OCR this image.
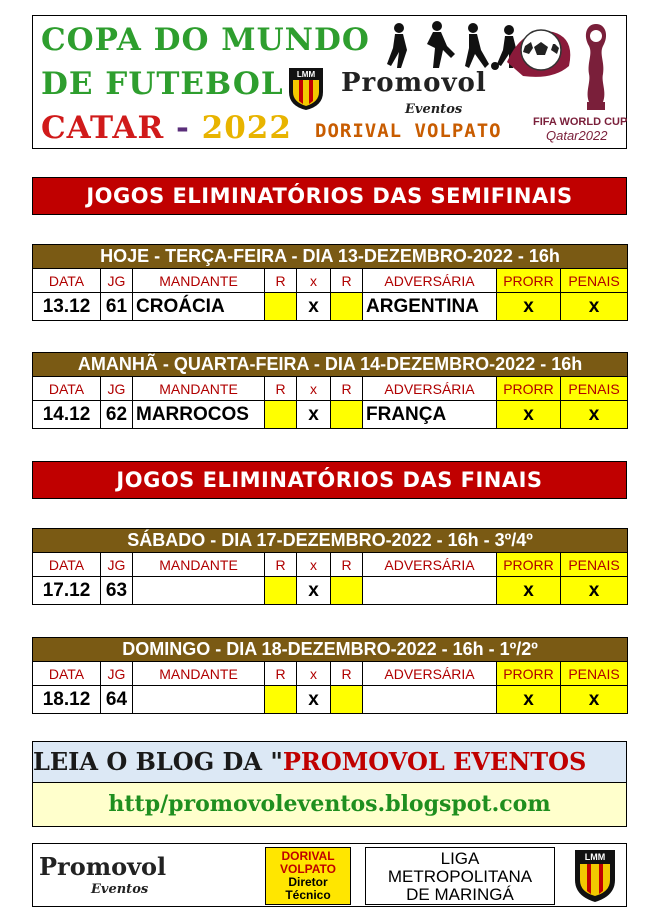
COPA DO MUNDO
DE FUTEBOL
CATAR - 2022	FIFA WORLD CUP
Qatar2022
LMM Promovol
Eventos
DORIVAL VOLPATO
JOGOS ELIMINATÓRIOS DAS SEMIFINAIS
HOJE - TERÇA-FEIRA - DIA 13-DEZEMBRO-2022 - 16h								
DATA	JG	MANDANTE	R	x	R	ADVERSÁRIA	PRORR	PENAIS
13.12	61	CROÁCIA		x		ARGENTINA	x	x
AMANHÃ - QUARTA-FEIRA - DIA 14-DEZEMBRO-2022 - 16h								
DATA	JG	MANDANTE	R	x	R	ADVERSÁRIA	PRORR	PENAIS
14.12	62	MARROCOS		x		FRANÇA	x	x
JOGOS ELIMINATÓRIOS DAS FINAIS
SÁBADO - DIA 17-DEZEMBRO-2022 - 16h - 3º/4º								
DATA	JG	MANDANTE	R	x	R	ADVERSÁRIA	PRORR	PENAIS
17.12	63			x			x	x
DOMINGO - DIA 18-DEZEMBRO-2022 - 16h - 1º/2º								
DATA	JG	MANDANTE	R	x	R	ADVERSÁRIA	PRORR	PENAIS
18.12	64			x			x	x
LEIA O BLOG DA "PROMOVOL EVENTOS
http/promovoleventos.blogspot.com
Promovol
Eventos
DORIVAL
VOLPATO
Diretor
Técnico
LIGA
METROPOLITANA
DE MARINGÁ
LMM
